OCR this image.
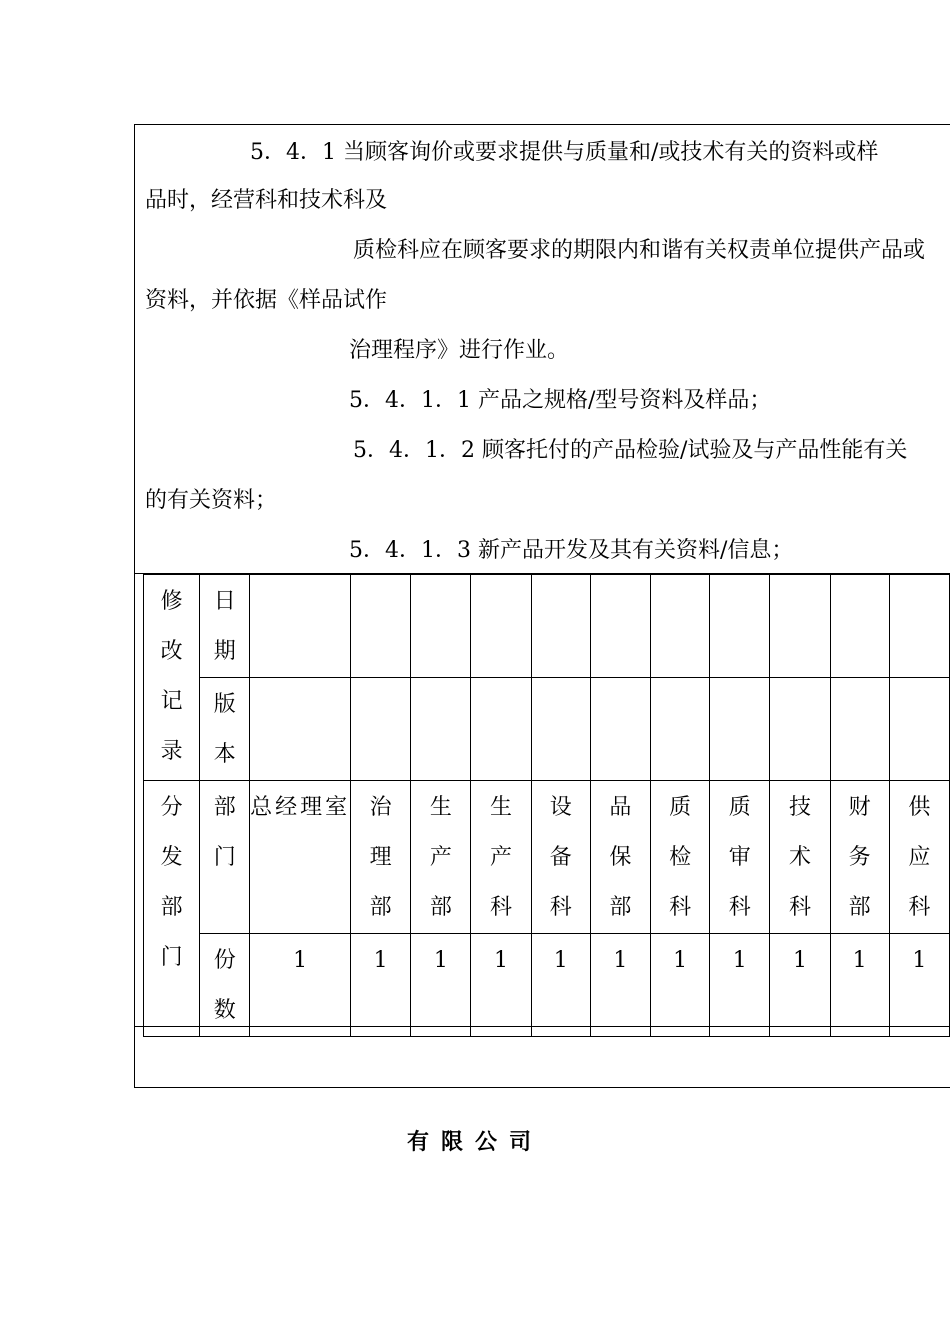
5．4．1 当顾客询价或要求提供与质量和/或技术有关的资料或样
品时，经营科和技术科及
质检科应在顾客要求的期限内和谐有关权责单位提供产品或
资料，并依据《样品试作
治理程序》进行作业。
5．4．1．1 产品之规格/型号资料及样品；
5．4．1．2 顾客托付的产品检验/试验及与产品性能有关
的有关资料；
5．4．1．3 新产品开发及其有关资料/信息；
修改记录	日期											

	版本											

分发部门	部门	总经理室	治理部	生产部	生产科	设备科	品保部	质检科	质审科	技术科	财务部	供应科

	份数	1	1	1	1	1	1	1	1	1	1	1
有限公司
